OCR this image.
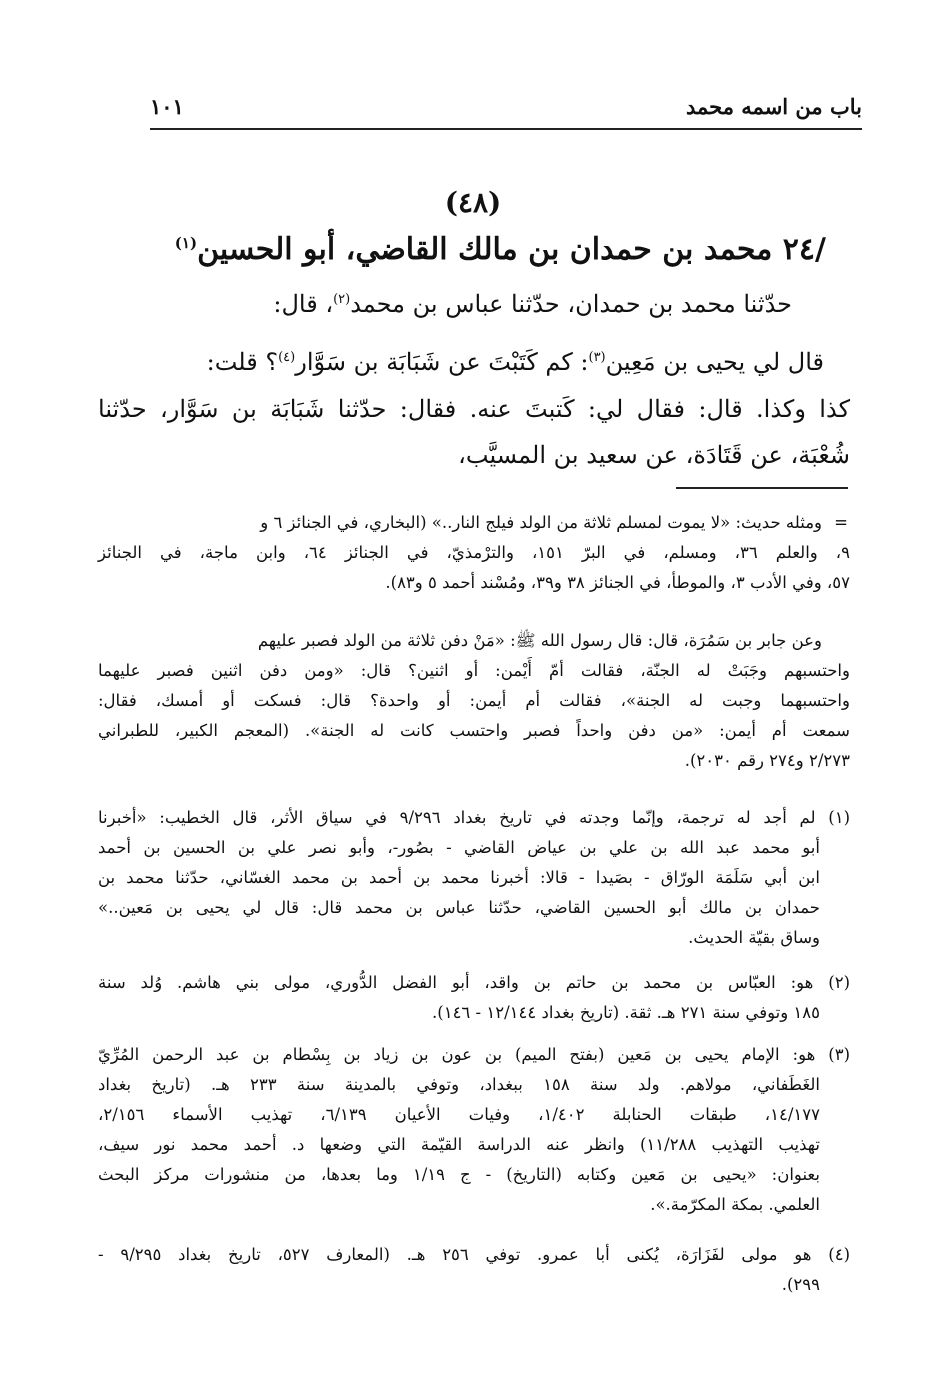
باب من اسمه محمد
١٠١
(٤٨)
/٢٤ محمد بن حمدان بن مالك القاضي، أبو الحسين$^{(١)}$
حدّثنا محمد بن حمدان، حدّثنا عباس بن محمد$^{(٢)}$، قال:
قال لي يحيى بن مَعِين$^{(٣)}$: كم كَتَبْتَ عن شَبَابَة بن سَوَّار$^{(٤)}$؟ قلت:
كذا وكذا. قال: فقال لي: كَتبتَ عنه. فقال: حدّثنا شَبَابَة بن سَوَّار، حدّثنا
شُعْبَة، عن قَتَادَة، عن سعيد بن المسيَّب،
=
ومثله حديث: «لا يموت لمسلم ثلاثة من الولد فيلج النار..» (البخاري، في الجنائز ٦ و
٩، والعلم ٣٦، ومسلم، في البرّ ١٥١، والترْمذيّ، في الجنائز ٦٤، وابن ماجة، في الجنائز
٥٧، وفي الأدب ٣، والموطأ، في الجنائز ٣٨ و٣٩، ومُسْند أحمد ٥ و٨٣).
وعن جابر بن سَمُرَة، قال: قال رسول الله ﷺ: «مَنْ دفن ثلاثة من الولد فصبر عليهم
واحتسبهم وجَبَتْ له الجنّة، فقالت أمّ أَيْمن: أو اثنين؟ قال: «ومن دفن اثنين فصبر عليهما
واحتسبهما وجبت له الجنة»، فقالت أم أيمن: أو واحدة؟ قال: فسكت أو أمسك، فقال:
سمعت أم أيمن: «من دفن واحداً فصبر واحتسب كانت له الجنة». (المعجم الكبير، للطبراني
٢/٢٧٣ و٢٧٤ رقم ٢٠٣٠).
(١) لم أجد له ترجمة، وإنّما وجدته في تاريخ بغداد ٩/٢٩٦ في سياق الأثر، قال الخطيب: «أخبرنا
أبو محمد عبد الله بن علي بن عياض القاضي - بصُور-، وأبو نصر علي بن الحسين بن أحمد
ابن أبي سَلَمَة الورّاق - بصَيدا - قالا: أخبرنا محمد بن أحمد بن محمد الغسّاني، حدّثنا محمد بن
حمدان بن مالك أبو الحسين القاضي، حدّثنا عباس بن محمد قال: قال لي يحيى بن مَعين..»
وساق بقيّة الحديث.
(٢) هو: العبّاس بن محمد بن حاتم بن واقد، أبو الفضل الدُّوري، مولى بني هاشم. وُلد سنة
١٨٥ وتوفي سنة ٢٧١ هـ. ثقة. (تاريخ بغداد ١٢/١٤٤ - ١٤٦).
(٣) هو: الإمام يحيى بن مَعين (بفتح الميم) بن عون بن زياد بن بِسْطام بن عبد الرحمن المُرِّيّ
الغَطَفاني، مولاهم. ولد سنة ١٥٨ ببغداد، وتوفي بالمدينة سنة ٢٣٣ هـ. (تاريخ بغداد
١٤/١٧٧، طبقات الحنابلة ١/٤٠٢، وفيات الأعيان ٦/١٣٩، تهذيب الأسماء ٢/١٥٦،
تهذيب التهذيب ١١/٢٨٨) وانظر عنه الدراسة القيّمة التي وضعها د. أحمد محمد نور سيف،
بعنوان: «يحيى بن مَعين وكتابه (التاريخ) - ج ١/١٩ وما بعدها، من منشورات مركز البحث
العلمي. بمكة المكرّمة.».
(٤) هو مولى لفَزَارَة، يُكنى أبا عمرو. توفي ٢٥٦ هـ. (المعارف ٥٢٧، تاريخ بغداد ٩/٢٩٥ -
٢٩٩).
